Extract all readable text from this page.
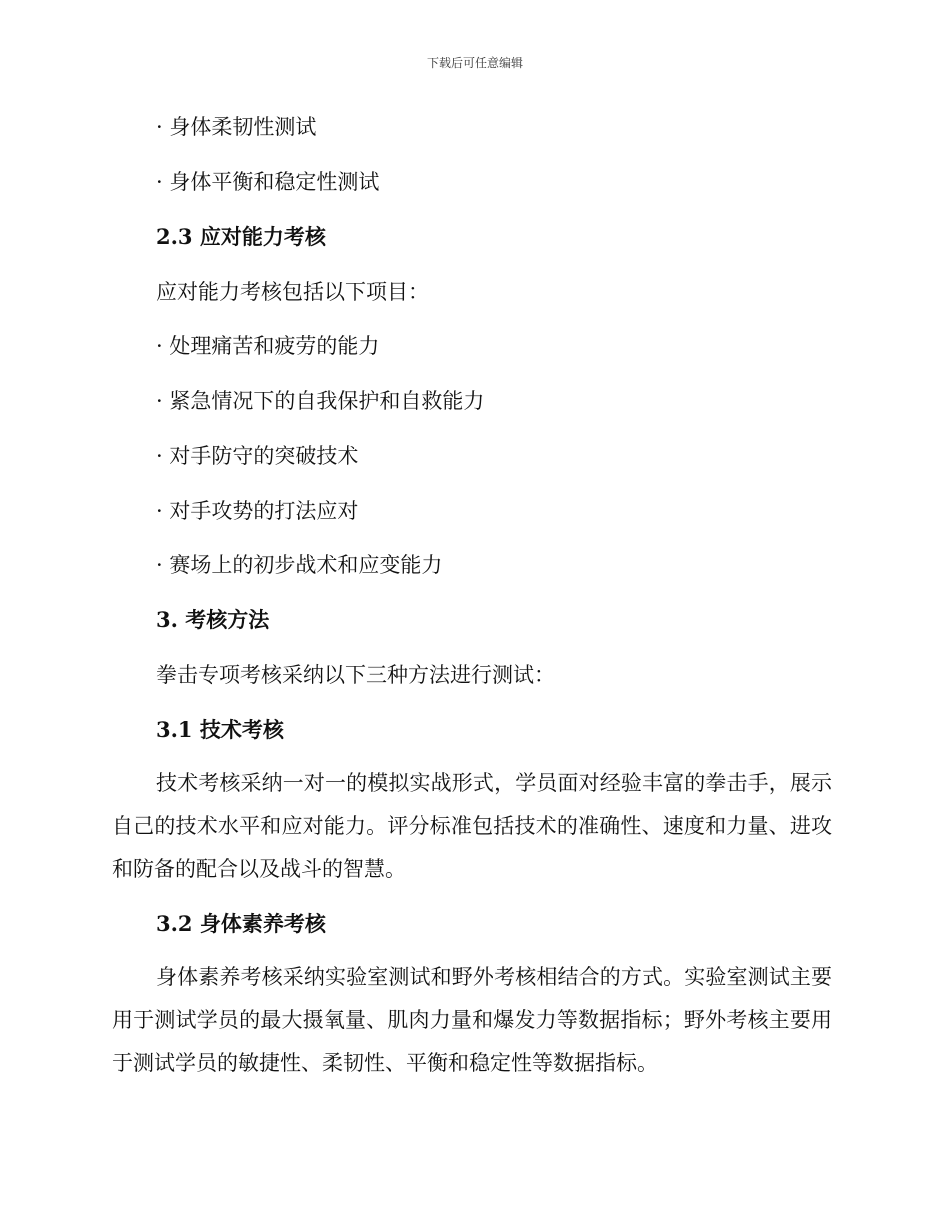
下载后可任意编辑
· 身体柔韧性测试
· 身体平衡和稳定性测试
2.3 应对能力考核
应对能力考核包括以下项目：
· 处理痛苦和疲劳的能力
· 紧急情况下的自我保护和自救能力
· 对手防守的突破技术
· 对手攻势的打法应对
· 赛场上的初步战术和应变能力
3. 考核方法
拳击专项考核采纳以下三种方法进行测试：
3.1 技术考核
技术考核采纳一对一的模拟实战形式，学员面对经验丰富的拳击手，展示自己的技术水平和应对能力。评分标准包括技术的准确性、速度和力量、进攻和防备的配合以及战斗的智慧。
3.2 身体素养考核
身体素养考核采纳实验室测试和野外考核相结合的方式。实验室测试主要用于测试学员的最大摄氧量、肌肉力量和爆发力等数据指标；野外考核主要用于测试学员的敏捷性、柔韧性、平衡和稳定性等数据指标。
